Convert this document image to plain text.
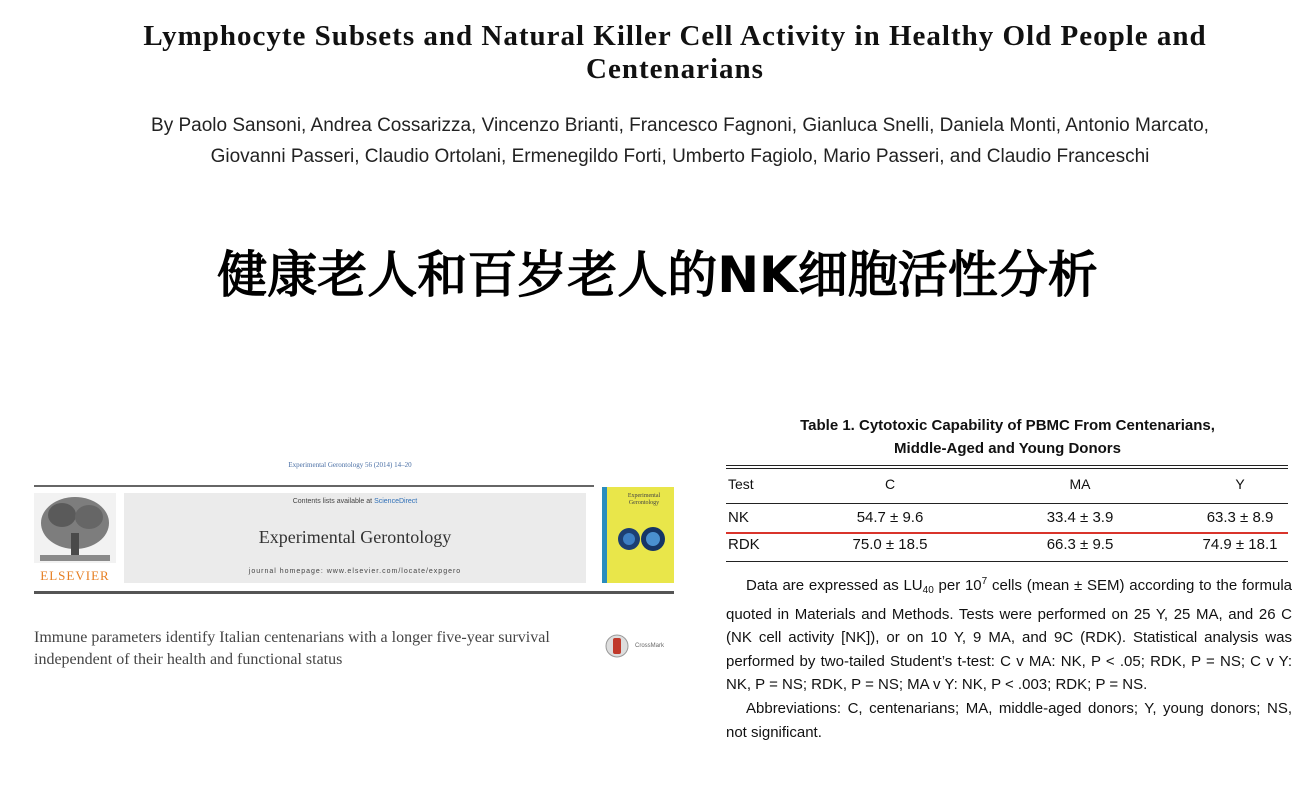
Lymphocyte Subsets and Natural Killer Cell Activity in Healthy Old People and Centenarians
By Paolo Sansoni, Andrea Cossarizza, Vincenzo Brianti, Francesco Fagnoni, Gianluca Snelli, Daniela Monti, Antonio Marcato, Giovanni Passeri, Claudio Ortolani, Ermenegildo Forti, Umberto Fagiolo, Mario Passeri, and Claudio Franceschi
健康老人和百岁老人的NK细胞活性分析
Experimental Gerontology 56 (2014) 14–20
ELSEVIER
Contents lists available at ScienceDirect
Experimental Gerontology
journal homepage: www.elsevier.com/locate/expgero
Experimental Gerontology
Immune parameters identify Italian centenarians with a longer five-year survival independent of their health and functional status
CrossMark
Table 1. Cytotoxic Capability of PBMC From Centenarians,
Middle-Aged and Young Donors
Test	C	MA	Y
NK	54.7 ± 9.6	33.4 ± 3.9	63.3 ± 8.9
RDK	75.0 ± 18.5	66.3 ± 9.5	74.9 ± 18.1

Data are expressed as $LU_{40}$ per $10^7$ cells (mean ± SEM) according to the formula quoted in Materials and Methods. Tests were performed on 25 Y, 25 MA, and 26 C (NK cell activity [NK]), or on 10 Y, 9 MA, and 9C (RDK). Statistical analysis was performed by two-tailed Student’s t-test: C v MA: NK, P < .05; RDK, P = NS; C v Y: NK, P = NS; RDK, P = NS; MA v Y: NK, P < .003; RDK; P = NS.

Abbreviations: C, centenarians; MA, middle-aged donors; Y, young donors; NS, not significant.
